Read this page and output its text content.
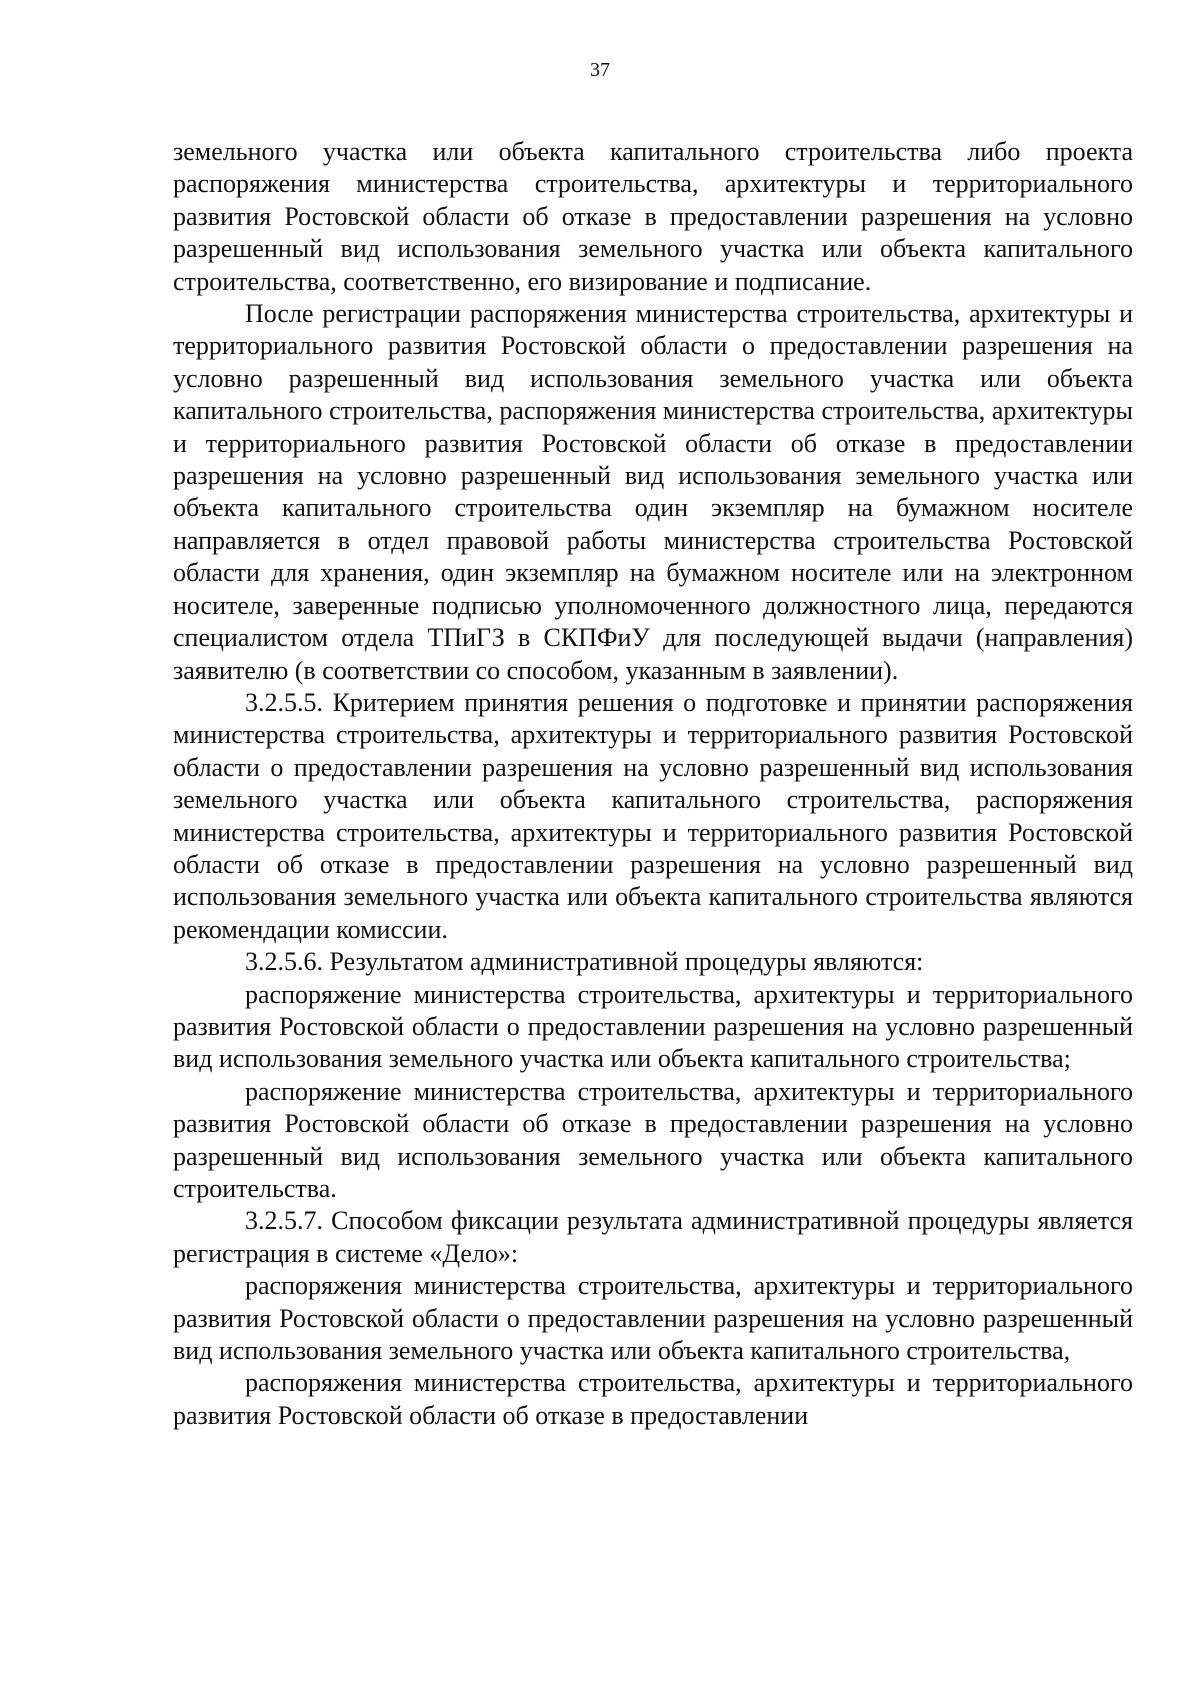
37

земельного участка или объекта капитального строительства либо проекта распоряжения министерства строительства, архитектуры и территориального развития Ростовской области об отказе в предоставлении разрешения на условно разрешенный вид использования земельного участка или объекта капитального строительства, соответственно, его визирование и подписание.

После регистрации распоряжения министерства строительства, архитектуры и территориального развития Ростовской области о предоставлении разрешения на условно разрешенный вид использования земельного участка или объекта капитального строительства, распоряжения министерства строительства, архитектуры и территориального развития Ростовской области об отказе в предоставлении разрешения на условно разрешенный вид использования земельного участка или объекта капитального строительства один экземпляр на бумажном носителе направляется в отдел правовой работы министерства строительства Ростовской области для хранения, один экземпляр на бумажном носителе или на электронном носителе, заверенные подписью уполномоченного должностного лица, передаются специалистом отдела ТПиГЗ в СКПФиУ для последующей выдачи (направления) заявителю (в соответствии со способом, указанным в заявлении).

3.2.5.5. Критерием принятия решения о подготовке и принятии распоряжения министерства строительства, архитектуры и территориального развития Ростовской области о предоставлении разрешения на условно разрешенный вид использования земельного участка или объекта капитального строительства, распоряжения министерства строительства, архитектуры и территориального развития Ростовской области об отказе в предоставлении разрешения на условно разрешенный вид использования земельного участка или объекта капитального строительства являются рекомендации комиссии.

3.2.5.6. Результатом административной процедуры являются:

распоряжение министерства строительства, архитектуры и территориального развития Ростовской области о предоставлении разрешения на условно разрешенный вид использования земельного участка или объекта капитального строительства;

распоряжение министерства строительства, архитектуры и территориального развития Ростовской области об отказе в предоставлении разрешения на условно разрешенный вид использования земельного участка или объекта капитального строительства.

3.2.5.7. Способом фиксации результата административной процедуры является регистрация в системе «Дело»:

распоряжения министерства строительства, архитектуры и территориального развития Ростовской области о предоставлении разрешения на условно разрешенный вид использования земельного участка или объекта капитального строительства,

распоряжения министерства строительства, архитектуры и территориального развития Ростовской области об отказе в предоставлении
